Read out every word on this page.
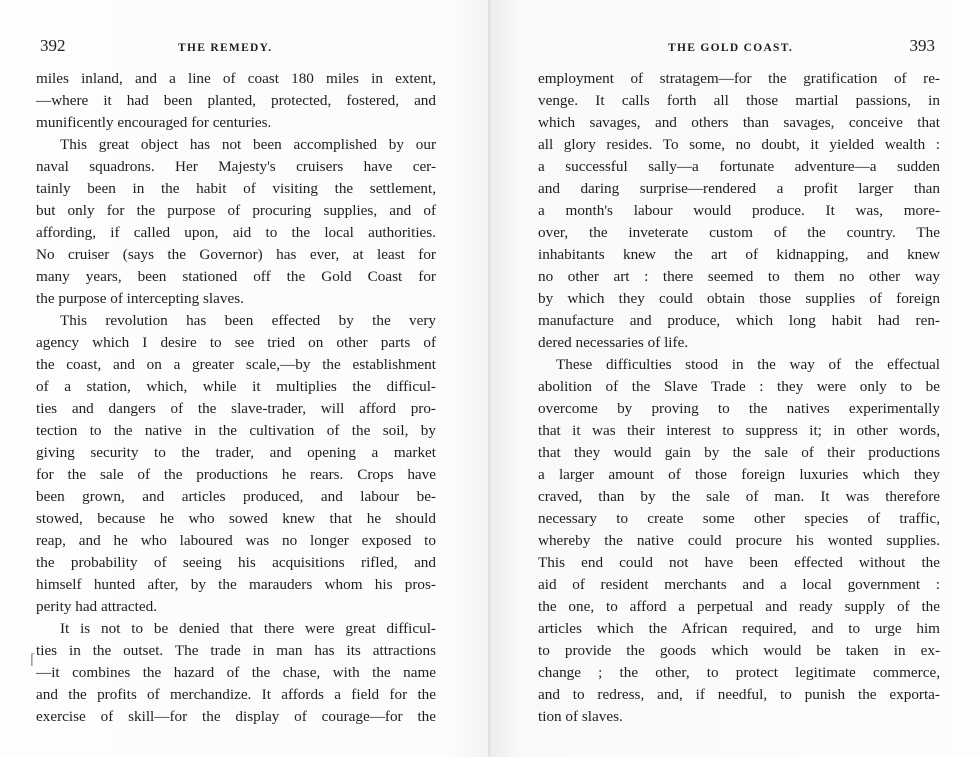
392	THE REMEDY.
miles inland, and a line of coast 180 miles in extent,
—where it had been planted, protected, fostered, and
munificently encouraged for centuries.
This great object has not been accomplished by our
naval squadrons. Her Majesty's cruisers have cer-
tainly been in the habit of visiting the settlement,
but only for the purpose of procuring supplies, and of
affording, if called upon, aid to the local authorities.
No cruiser (says the Governor) has ever, at least for
many years, been stationed off the Gold Coast for
the purpose of intercepting slaves.
This revolution has been effected by the very
agency which I desire to see tried on other parts of
the coast, and on a greater scale,—by the establishment
of a station, which, while it multiplies the difficul-
ties and dangers of the slave-trader, will afford pro-
tection to the native in the cultivation of the soil, by
giving security to the trader, and opening a market
for the sale of the productions he rears. Crops have
been grown, and articles produced, and labour be-
stowed, because he who sowed knew that he should
reap, and he who laboured was no longer exposed to
the probability of seeing his acquisitions rifled, and
himself hunted after, by the marauders whom his pros-
perity had attracted.
It is not to be denied that there were great difficul-
ties in the outset. The trade in man has its attractions
—it combines the hazard of the chase, with the name
and the profits of merchandize. It affords a field for the
exercise of skill—for the display of courage—for the
⌈
THE GOLD COAST.	393
employment of stratagem—for the gratification of re-
venge. It calls forth all those martial passions, in
which savages, and others than savages, conceive that
all glory resides. To some, no doubt, it yielded wealth :
a successful sally—a fortunate adventure—a sudden
and daring surprise—rendered a profit larger than
a month's labour would produce. It was, more-
over, the inveterate custom of the country. The
inhabitants knew the art of kidnapping, and knew
no other art : there seemed to them no other way
by which they could obtain those supplies of foreign
manufacture and produce, which long habit had ren-
dered necessaries of life.
These difficulties stood in the way of the effectual
abolition of the Slave Trade : they were only to be
overcome by proving to the natives experimentally
that it was their interest to suppress it; in other words,
that they would gain by the sale of their productions
a larger amount of those foreign luxuries which they
craved, than by the sale of man. It was therefore
necessary to create some other species of traffic,
whereby the native could procure his wonted supplies.
This end could not have been effected without the
aid of resident merchants and a local government :
the one, to afford a perpetual and ready supply of the
articles which the African required, and to urge him
to provide the goods which would be taken in ex-
change ; the other, to protect legitimate commerce,
and to redress, and, if needful, to punish the exporta-
tion of slaves.
